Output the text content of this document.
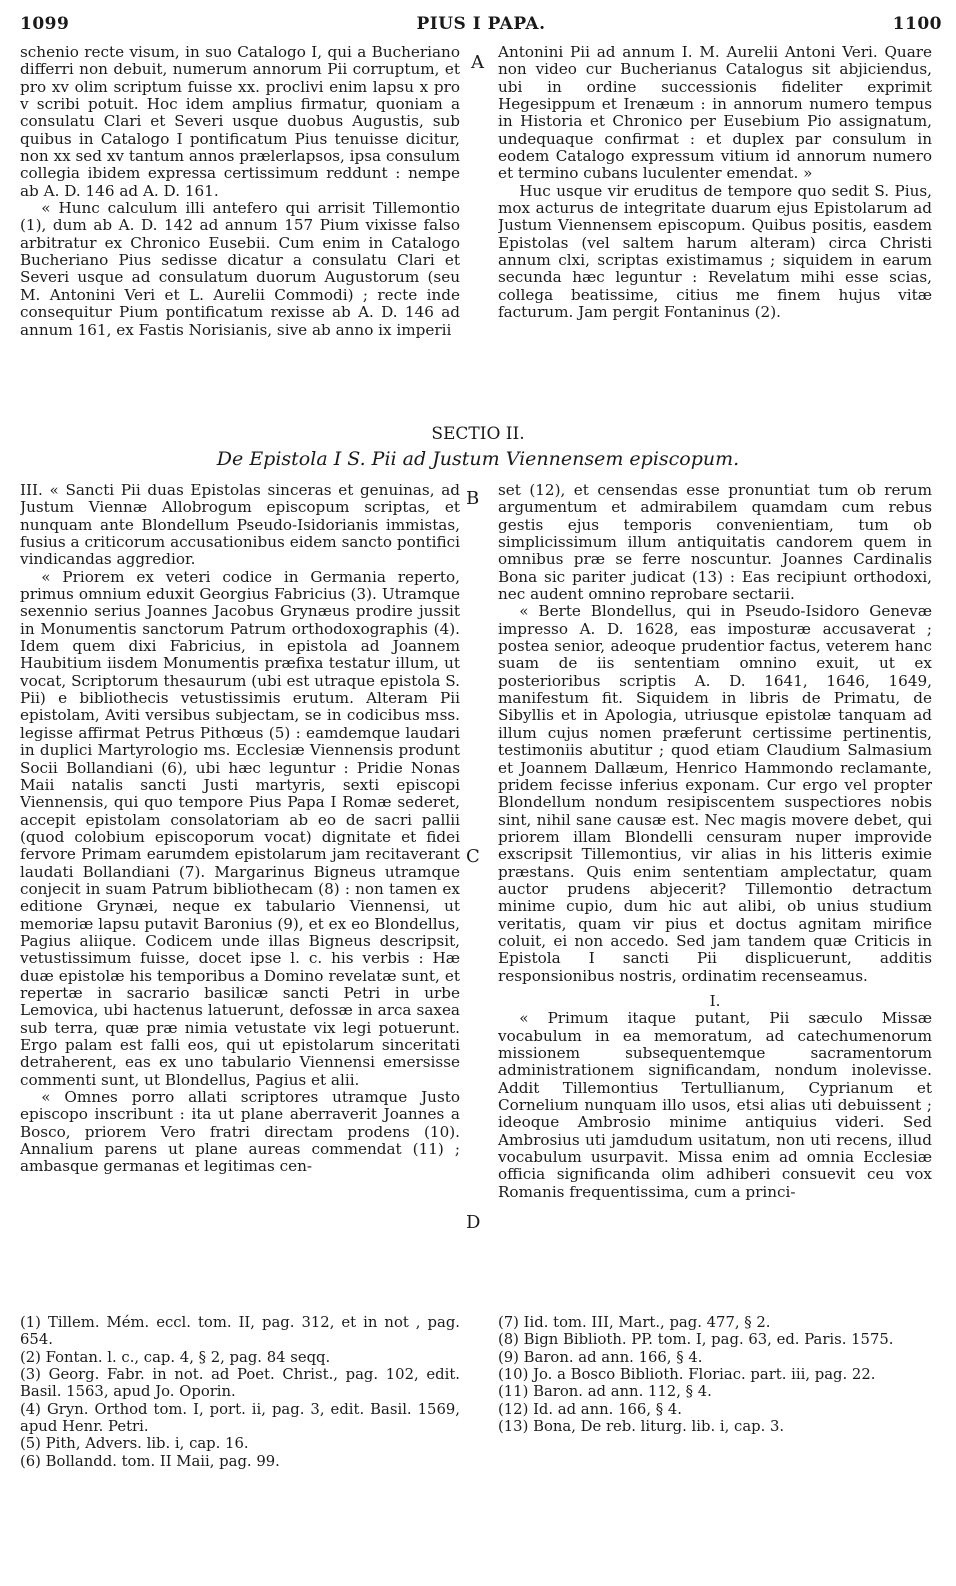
1099	PIUS I PAPA.	1100

schenio recte visum, in suo Catalogo I, qui a Bucheriano differri non debuit, numerum annorum Pii corruptum, et pro xv olim scriptum fuisse xx. proclivi enim lapsu x pro v scribi potuit. Hoc idem amplius firmatur, quoniam a consulatu Clari et Severi usque duobus Augustis, sub quibus in Catalogo I pontificatum Pius tenuisse dicitur, non xx sed xv tantum annos prælerlapsos, ipsa consulum collegia ibidem expressa certissimum reddunt : nempe ab A. D. 146 ad A. D. 161.

« Hunc calculum illi antefero qui arrisit Tillemontio (1), dum ab A. D. 142 ad annum 157 Pium vixisse falso arbitratur ex Chronico Eusebii. Cum enim in Catalogo Bucheriano Pius sedisse dicatur a consulatu Clari et Severi usque ad consulatum duorum Augustorum (seu M. Antonini Veri et L. Aurelii Commodi) ; recte inde consequitur Pium pontificatum rexisse ab A. D. 146 ad annum 161, ex Fastis Norisianis, sive ab anno ix imperii

A Antonini Pii ad annum I. M. Aurelii Antoni Veri. Quare non video cur Bucherianus Catalogus sit abjiciendus, ubi in ordine successionis fideliter exprimit Hegesippum et Irenæum : in annorum numero tempus in Historia et Chronico per Eusebium Pio assignatum, undequaque confirmat : et duplex par consulum in eodem Catalogo expressum vitium id annorum numero et termino cubans luculenter emendat. »

Huc usque vir eruditus de tempore quo sedit S. Pius, mox acturus de integritate duarum ejus Epistolarum ad Justum Viennensem episcopum. Quibus positis, easdem Epistolas (vel saltem harum alteram) circa Christi annum clxi, scriptas existimamus ; siquidem in earum secunda hæc leguntur : Revelatum mihi esse scias, collega beatissime, citius me finem hujus vitæ facturum. Jam pergit Fontaninus (2).

SECTIO II.
De Epistola I S. Pii ad Justum Viennensem episcopum.

III. « Sancti Pii duas Epistolas sinceras et genuinas, ad Justum Viennæ Allobrogum episcopum scriptas, et nunquam ante Blondellum Pseudo-Isidorianis immistas, fusius a criticorum accusationibus eidem sancto pontifici vindicandas aggredior.

« Priorem ex veteri codice in Germania reperto, primus omnium eduxit Georgius Fabricius (3). Utramque sexennio serius Joannes Jacobus Grynæus prodire jussit in Monumentis sanctorum Patrum orthodoxographis (4). Idem quem dixi Fabricius, in epistola ad Joannem Haubitium iisdem Monumentis præfixa testatur illum, ut vocat, Scriptorum thesaurum (ubi est utraque epistola S. Pii) e bibliothecis vetustissimis erutum. Alteram Pii epistolam, Aviti versibus subjectam, se in codicibus mss. legisse affirmat Petrus Pithœus (5) : eamdemque laudari in duplici Martyrologio ms. Ecclesiæ Viennensis produnt Socii Bollandiani (6), ubi hæc leguntur : Pridie Nonas Maii natalis sancti Justi martyris, sexti episcopi Viennensis, qui quo tempore Pius Papa I Romæ sederet, accepit epistolam consolatoriam ab eo de sacri pallii (quod colobium episcoporum vocat) dignitate et fidei fervore Primam earumdem epistolarum jam recitaverant laudati Bollandiani (7). Margarinus Bigneus utramque conjecit in suam Patrum bibliothecam (8) : non tamen ex editione Grynæi, neque ex tabulario Viennensi, ut memoriæ lapsu putavit Baronius (9), et ex eo Blondellus, Pagius aliique. Codicem unde illas Bigneus descripsit, vetustissimum fuisse, docet ipse l. c. his verbis : Hæ duæ epistolæ his temporibus a Domino revelatæ sunt, et repertæ in sacrario basilicæ sancti Petri in urbe Lemovica, ubi hactenus latuerunt, defossæ in arca saxea sub terra, quæ præ nimia vetustate vix legi potuerunt. Ergo palam est falli eos, qui ut epistolarum sinceritati detraherent, eas ex uno tabulario Viennensi emersisse commenti sunt, ut Blondellus, Pagius et alii.

« Omnes porro allati scriptores utramque Justo episcopo inscribunt : ita ut plane aberraverit Joannes a Bosco, priorem Vero fratri directam prodens (10). Annalium parens ut plane aureas commendat (11) ; ambasque germanas et legitimas cen-

B
C
D

set (12), et censendas esse pronuntiat tum ob rerum argumentum et admirabilem quamdam cum rebus gestis ejus temporis convenientiam, tum ob simplicissimum illum antiquitatis candorem quem in omnibus præ se ferre noscuntur. Joannes Cardinalis Bona sic pariter judicat (13) : Eas recipiunt orthodoxi, nec audent omnino reprobare sectarii.

« Berte Blondellus, qui in Pseudo-Isidoro Genevæ impresso A. D. 1628, eas imposturæ accusaverat ; postea senior, adeoque prudentior factus, veterem hanc suam de iis sententiam omnino exuit, ut ex posterioribus scriptis A. D. 1641, 1646, 1649, manifestum fit. Siquidem in libris de Primatu, de Sibyllis et in Apologia, utriusque epistolæ tanquam ad illum cujus nomen præferunt certissime pertinentis, testimoniis abutitur ; quod etiam Claudium Salmasium et Joannem Dallæum, Henrico Hammondo reclamante, pridem fecisse inferius exponam. Cur ergo vel propter Blondellum nondum resipiscentem suspectiores nobis sint, nihil sane causæ est. Nec magis movere debet, qui priorem illam Blondelli censuram nuper improvide exscripsit Tillemontius, vir alias in his litteris eximie præstans. Quis enim sententiam amplectatur, quam auctor prudens abjecerit? Tillemontio detractum minime cupio, dum hic aut alibi, ob unius studium veritatis, quam vir pius et doctus agnitam mirifice coluit, ei non accedo. Sed jam tandem quæ Criticis in Epistola I sancti Pii displicuerunt, additis responsionibus nostris, ordinatim recenseamus.

I.

« Primum itaque putant, Pii sæculo Missæ vocabulum in ea memoratum, ad catechumenorum missionem subsequentemque sacramentorum administrationem significandam, nondum inolevisse. Addit Tillemontius Tertullianum, Cyprianum et Cornelium nunquam illo usos, etsi alias uti debuissent ; ideoque Ambrosio minime antiquius videri. Sed Ambrosius uti jamdudum usitatum, non uti recens, illud vocabulum usurpavit. Missa enim ad omnia Ecclesiæ officia significanda olim adhiberi consuevit ceu vox Romanis frequentissima, cum a princi-

(1) Tillem. Mém. eccl. tom. II, pag. 312, et in not , pag. 654.
(2) Fontan. l. c., cap. 4, § 2, pag. 84 seqq.
(3) Georg. Fabr. in not. ad Poet. Christ., pag. 102, edit. Basil. 1563, apud Jo. Oporin.
(4) Gryn. Orthod tom. I, port. ii, pag. 3, edit. Basil. 1569, apud Henr. Petri.
(5) Pith, Advers. lib. i, cap. 16.
(6) Bollandd. tom. II Maii, pag. 99.
(7) Iid. tom. III, Mart., pag. 477, § 2.
(8) Bign Biblioth. PP. tom. I, pag. 63, ed. Paris. 1575.
(9) Baron. ad ann. 166, § 4.
(10) Jo. a Bosco Biblioth. Floriac. part. iii, pag. 22.
(11) Baron. ad ann. 112, § 4.
(12) Id. ad ann. 166, § 4.
(13) Bona, De reb. liturg. lib. i, cap. 3.
